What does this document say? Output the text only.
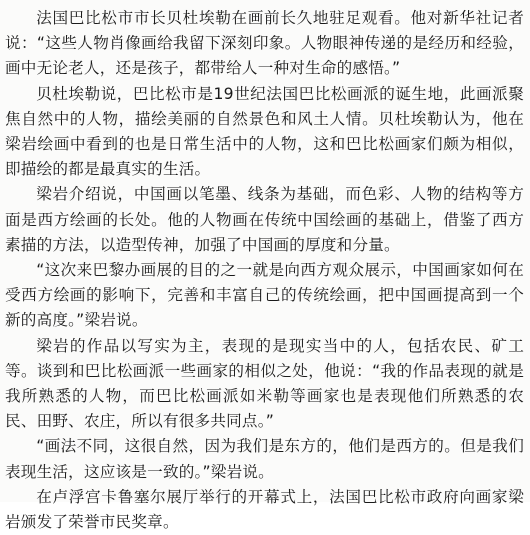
法国巴比松市市长贝杜埃勒在画前长久地驻足观看。他对新华社记者说：“这些人物肖像画给我留下深刻印象。人物眼神传递的是经历和经验，画中无论老人，还是孩子，都带给人一种对生命的感悟。”

贝杜埃勒说，巴比松市是19世纪法国巴比松画派的诞生地，此画派聚焦自然中的人物，描绘美丽的自然景色和风土人情。贝杜埃勒认为，他在梁岩绘画中看到的也是日常生活中的人物，这和巴比松画家们颇为相似，即描绘的都是最真实的生活。

梁岩介绍说，中国画以笔墨、线条为基础，而色彩、人物的结构等方面是西方绘画的长处。他的人物画在传统中国绘画的基础上，借鉴了西方素描的方法，以造型传神，加强了中国画的厚度和分量。

“这次来巴黎办画展的目的之一就是向西方观众展示，中国画家如何在受西方绘画的影响下，完善和丰富自己的传统绘画，把中国画提高到一个新的高度。”梁岩说。

梁岩的作品以写实为主，表现的是现实当中的人，包括农民、矿工等。谈到和巴比松画派一些画家的相似之处，他说：“我的作品表现的就是我所熟悉的人物，而巴比松画派如米勒等画家也是表现他们所熟悉的农民、田野、农庄，所以有很多共同点。”

“画法不同，这很自然，因为我们是东方的，他们是西方的。但是我们表现生活，这应该是一致的。”梁岩说。

在卢浮宫卡鲁塞尔展厅举行的开幕式上，法国巴比松市政府向画家梁岩颁发了荣誉市民奖章。
